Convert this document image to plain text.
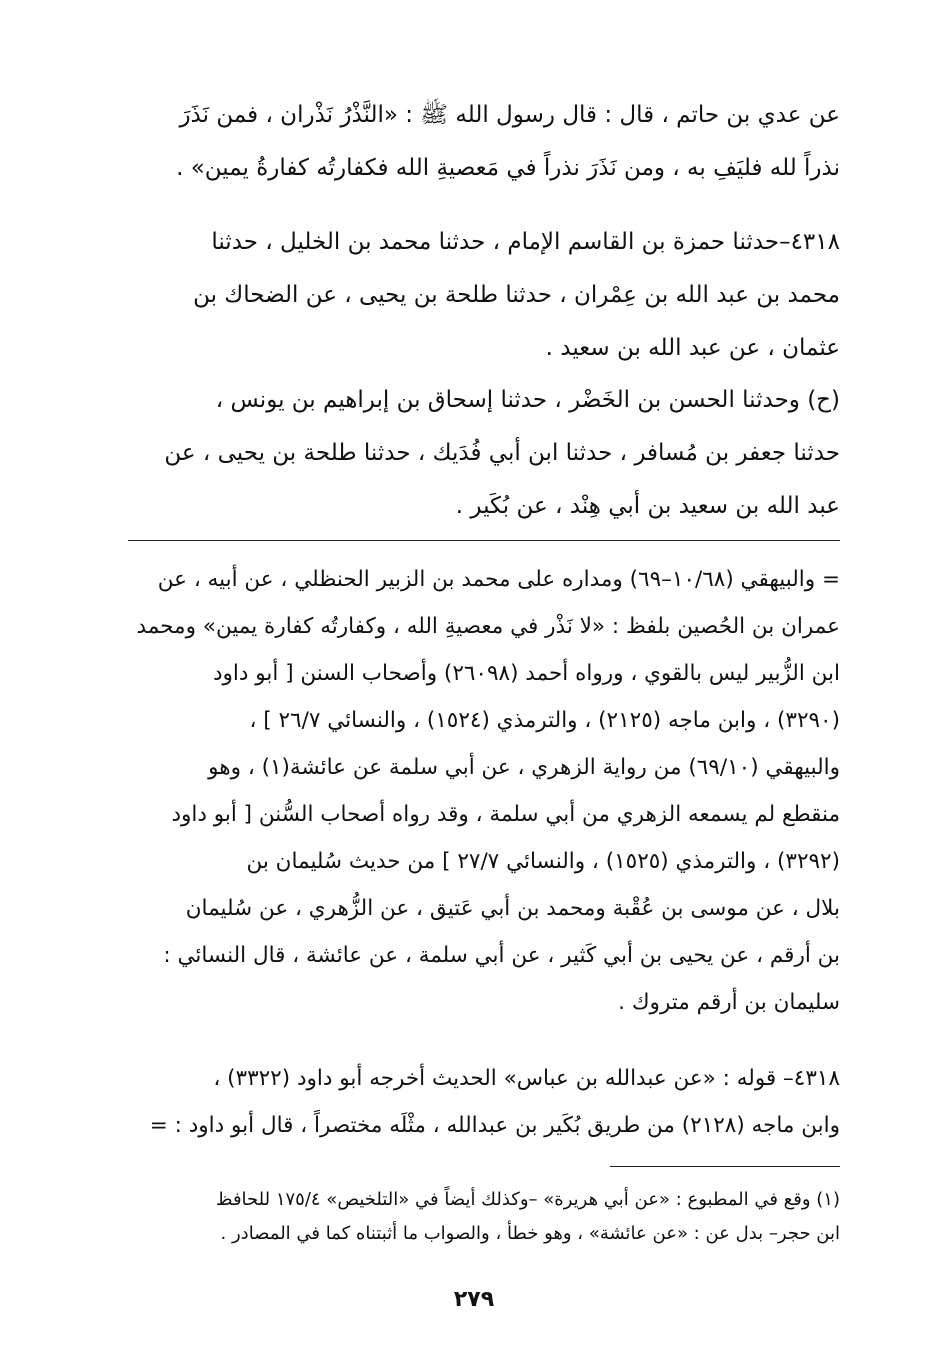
عن عدي بن حاتم ، قال : قال رسول الله ﷺ : «النَّذْرُ نَذْران ، فمن نَذَرَ
نذراً لله فليَفِ به ، ومن نَذَرَ نذراً في مَعصيةِ الله فكفارتُه كفارةُ يمين» .
٤٣١٨–حدثنا حمزة بن القاسم الإمام ، حدثنا محمد بن الخليل ، حدثنا
محمد بن عبد الله بن عِمْران ، حدثنا طلحة بن يحيى ، عن الضحاك بن
عثمان ، عن عبد الله بن سعيد .
(ح) وحدثنا الحسن بن الخَضْر ، حدثنا إسحاق بن إبراهيم بن يونس ،
حدثنا جعفر بن مُسافر ، حدثنا ابن أبي فُدَيك ، حدثنا طلحة بن يحيى ، عن
عبد الله بن سعيد بن أبي هِنْد ، عن بُكَير .
= والبيهقي (١٠/٦٨–٦٩) ومداره على محمد بن الزبير الحنظلي ، عن أبيه ، عن
عمران بن الحُصين بلفظ : «لا نَذْر في معصيةِ الله ، وكفارتُه كفارة يمين» ومحمد
ابن الزُّبير ليس بالقوي ، ورواه أحمد (٢٦٠٩٨) وأصحاب السنن [ أبو داود
(٣٢٩٠) ، وابن ماجه (٢١٢٥) ، والترمذي (١٥٢٤) ، والنسائي ٢٦/٧ ] ،
والبيهقي (٦٩/١٠) من رواية الزهري ، عن أبي سلمة عن عائشة(١) ، وهو
منقطع لم يسمعه الزهري من أبي سلمة ، وقد رواه أصحاب السُّنن [ أبو داود
(٣٢٩٢) ، والترمذي (١٥٢٥) ، والنسائي ٢٧/٧ ] من حديث سُليمان بن
بلال ، عن موسى بن عُقْبة ومحمد بن أبي عَتيق ، عن الزُّهري ، عن سُليمان
بن أرقم ، عن يحيى بن أبي كَثير ، عن أبي سلمة ، عن عائشة ، قال النسائي :
سليمان بن أرقم متروك .
٤٣١٨– قوله : «عن عبدالله بن عباس» الحديث أخرجه أبو داود (٣٣٢٢) ،
وابن ماجه (٢١٢٨) من طريق بُكَير بن عبدالله ، مثْلَه مختصراً ، قال أبو داود : =
(١) وقع في المطبوع : «عن أبي هريرة» –وكذلك أيضاً في «التلخيص» ١٧٥/٤ للحافظ
ابن حجر– بدل عن : «عن عائشة» ، وهو خطأ ، والصواب ما أثبتناه كما في المصادر .
٢٧٩
